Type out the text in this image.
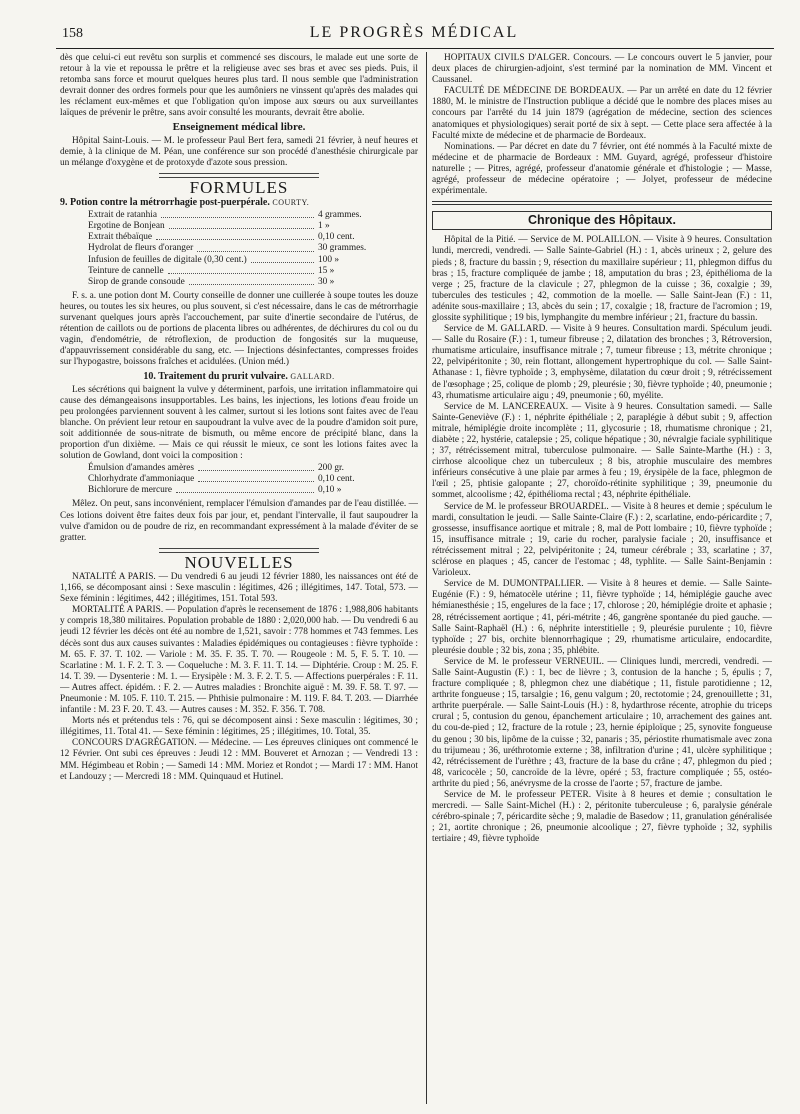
158	LE PROGRÈS MÉDICAL

dès que celui-ci eut revêtu son surplis et commencé ses discours, le malade eut une sorte de retour à la vie et repoussa le prêtre et la religieuse avec ses bras et avec ses pieds. Puis, il retomba sans force et mourut quelques heures plus tard. Il nous semble que l'administration devrait donner des ordres formels pour que les aumôniers ne vinssent qu'après des malades qui les réclament eux-mêmes et que l'obligation qu'on impose aux sœurs ou aux surveillantes laïques de prévenir le prêtre, sans avoir consulté les mourants, devrait être abolie.

Enseignement médical libre.

Hôpital Saint-Louis. — M. le professeur Paul Bert fera, samedi 21 février, à neuf heures et demie, à la clinique de M. Péan, une conférence sur son procédé d'anesthésie chirurgicale par un mélange d'oxygène et de protoxyde d'azote sous pression.

FORMULES
9. Potion contre la métrorrhagie post-puerpérale. COURTY.
Extrait de ratanhia	4 grammes.
Ergotine de Bonjean	1 »
Extrait thébaïque	0,10 cent.
Hydrolat de fleurs d'oranger	30 grammes.
Infusion de feuilles de digitale (0,30 cent.)	100 »
Teinture de cannelle	15 »
Sirop de grande consoude	30 »

F. s. a. une potion dont M. Courty conseille de donner une cuillerée à soupe toutes les douze heures, ou toutes les six heures, ou plus souvent, si c'est nécessaire, dans le cas de métrorrhagie survenant quelques jours après l'accouchement, par suite d'inertie secondaire de l'utérus, de rétention de caillots ou de portions de placenta libres ou adhérentes, de déchirures du col ou du vagin, d'endométrie, de rétroflexion, de production de fongosités sur la muqueuse, d'appauvrissement considérable du sang, etc. — Injections désinfectantes, compresses froides sur l'hypogastre, boissons fraîches et acidulées. (Union méd.)

10. Traitement du prurit vulvaire. GALLARD.

Les sécrétions qui baignent la vulve y déterminent, parfois, une irritation inflammatoire qui cause des démangeaisons insupportables. Les bains, les injections, les lotions d'eau froide un peu prolongées parviennent souvent à les calmer, surtout si les lotions sont faites avec de l'eau blanche. On prévient leur retour en saupoudrant la vulve avec de la poudre d'amidon soit pure, soit additionnée de sous-nitrate de bismuth, ou même encore de précipité blanc, dans la proportion d'un dixième. — Mais ce qui réussit le mieux, ce sont les lotions faites avec la solution de Gowland, dont voici la composition :

Émulsion d'amandes amères	200 gr.
Chlorhydrate d'ammoniaque	0,10 cent.
Bichlorure de mercure	0,10 »

Mêlez. On peut, sans inconvénient, remplacer l'émulsion d'amandes par de l'eau distillée. — Ces lotions doivent être faites deux fois par jour, et, pendant l'intervalle, il faut saupoudrer la vulve d'amidon ou de poudre de riz, en recommandant expressément à la malade d'éviter de se gratter.

NOUVELLES

NATALITÉ A PARIS. — Du vendredi 6 au jeudi 12 février 1880, les naissances ont été de 1,166, se décomposant ainsi : Sexe masculin : légitimes, 426 ; illégitimes, 147. Total, 573. — Sexe féminin : légitimes, 442 ; illégitimes, 151. Total 593.

MORTALITÉ A PARIS. — Population d'après le recensement de 1876 : 1,988,806 habitants y compris 18,380 militaires. Population probable de 1880 : 2,020,000 hab. — Du vendredi 6 au jeudi 12 février les décès ont été au nombre de 1,521, savoir : 778 hommes et 743 femmes. Les décès sont dus aux causes suivantes : Maladies épidémiques ou contagieuses : fièvre typhoïde : M. 65. F. 37. T. 102. — Variole : M. 35. F. 35. T. 70. — Rougeole : M. 5, F. 5. T. 10. — Scarlatine : M. 1. F. 2. T. 3. — Coqueluche : M. 3. F. 11. T. 14. — Diphtérie. Croup : M. 25. F. 14. T. 39. — Dysenterie : M. 1. — Erysipèle : M. 3. F. 2. T. 5. — Affections puerpérales : F. 11. — Autres affect. épidém. : F. 2. — Autres maladies : Bronchite aiguë : M. 39. F. 58. T. 97. — Pneumonie : M. 105. F. 110. T. 215. — Phthisie pulmonaire : M. 119. F. 84. T. 203. — Diarrhée infantile : M. 23 F. 20. T. 43. — Autres causes : M. 352. F. 356. T. 708.

Morts nés et prétendus tels : 76, qui se décomposent ainsi : Sexe masculin : légitimes, 30 ; illégitimes, 11. Total 41. — Sexe féminin : légitimes, 25 ; illégitimes, 10. Total, 35.

CONCOURS D'AGRÉGATION. — Médecine. — Les épreuves cliniques ont commencé le 12 Février. Ont subi ces épreuves : Jeudi 12 : MM. Bouveret et Arnozan ; — Vendredi 13 : MM. Hégimbeau et Robin ; — Samedi 14 : MM. Moriez et Rondot ; — Mardi 17 : MM. Hanot et Landouzy ; — Mercredi 18 : MM. Quinquaud et Hutinel.

HÔPITAUX CIVILS D'ALGER. Concours. — Le concours ouvert le 5 janvier, pour deux places de chirurgien-adjoint, s'est terminé par la nomination de MM. Vincent et Caussanel.

FACULTÉ DE MÉDECINE DE BORDEAUX. — Par un arrêté en date du 12 février 1880, M. le ministre de l'Instruction publique a décidé que le nombre des places mises au concours par l'arrêté du 14 juin 1879 (agrégation de médecine, section des sciences anatomiques et physiologiques) serait porté de six à sept. — Cette place sera affectée à la Faculté mixte de médecine et de pharmacie de Bordeaux.

Nominations. — Par décret en date du 7 février, ont été nommés à la Faculté mixte de médecine et de pharmacie de Bordeaux : MM. Guyard, agrégé, professeur d'histoire naturelle ; — Pitres, agrégé, professeur d'anatomie générale et d'histologie ; — Masse, agrégé, professeur de médecine opératoire ; — Jolyet, professeur de médecine expérimentale.

Chronique des Hôpitaux.

Hôpital de la Pitié. — Service de M. POLAILLON. — Visite à 9 heures. Consultation lundi, mercredi, vendredi. — Salle Sainte-Gabriel (H.) : 1, abcès urineux ; 2, gelure des pieds ; 8, fracture du bassin ; 9, résection du maxillaire supérieur ; 11, phlegmon diffus du bras ; 15, fracture compliquée de jambe ; 18, amputation du bras ; 23, épithélioma de la verge ; 25, fracture de la clavicule ; 27, phlegmon de la cuisse ; 36, coxalgie ; 39, tubercules des testicules ; 42, commotion de la moelle. — Salle Saint-Jean (F.) : 11, adénite sous-maxillaire ; 13, abcès du sein ; 17, coxalgie ; 18, fracture de l'acromion ; 19, glossite syphilitique ; 19 bis, lymphangite du membre inférieur ; 21, fracture du bassin.

Service de M. GALLARD. — Visite à 9 heures. Consultation mardi. Spéculum jeudi. — Salle du Rosaire (F.) : 1, tumeur fibreuse ; 2, dilatation des bronches ; 3, Rétroversion, rhumatisme articulaire, insuffisance mitrale ; 7, tumeur fibreuse ; 13, métrite chronique ; 22, pelvipéritonite ; 30, rein flottant, allongement hypertrophique du col. — Salle Saint-Athanase : 1, fièvre typhoïde ; 3, emphysème, dilatation du cœur droit ; 9, rétrécissement de l'œsophage ; 25, colique de plomb ; 29, pleurésie ; 30, fièvre typhoïde ; 40, pneumonie ; 43, rhumatisme articulaire aigu ; 49, pneumonie ; 60, myélite.

Service de M. LANCEREAUX. — Visite à 9 heures. Consultation samedi. — Salle Sainte-Geneviève (F.) : 1, néphrite épithéliale ; 2, paraplégie à début subit ; 9, affection mitrale, hémiplégie droite incomplète ; 11, glycosurie ; 18, rhumatisme chronique ; 21, diabète ; 22, hystérie, catalepsie ; 25, colique hépatique ; 30, névralgie faciale syphilitique ; 37, rétrécissement mitral, tuberculose pulmonaire. — Salle Sainte-Marthe (H.) : 3, cirrhose alcoolique chez un tuberculeux ; 8 bis, atrophie musculaire des membres inférieurs consécutive à une plaie par armes à feu ; 19, érysipèle de la face, phlegmon de l'œil ; 25, phtisie galopante ; 27, choroïdo-rétinite syphilitique ; 39, pneumonie du sommet, alcoolisme ; 42, épithélioma rectal ; 43, néphrite épithéliale.

Service de M. le professeur BROUARDEL. — Visite à 8 heures et demie ; spéculum le mardi, consultation le jeudi. — Salle Sainte-Claire (F.) : 2, scarlatine, endo-péricardite ; 7, grossesse, insuffisance aortique et mitrale ; 8, mal de Pott lombaire ; 10, fièvre typhoïde ; 15, insuffisance mitrale ; 19, carie du rocher, paralysie faciale ; 20, insuffisance et rétrécissement mitral ; 22, pelvipéritonite ; 24, tumeur cérébrale ; 33, scarlatine ; 37, sclérose en plaques ; 45, cancer de l'estomac ; 48, typhlite. — Salle Saint-Benjamin : Varioleux.

Service de M. DUMONTPALLIER. — Visite à 8 heures et demie. — Salle Sainte-Eugénie (F.) : 9, hématocèle utérine ; 11, fièvre typhoïde ; 14, hémiplégie gauche avec hémianesthésie ; 15, engelures de la face ; 17, chlorose ; 20, hémiplégie droite et aphasie ; 28, rétrécissement aortique ; 41, péri-métrite ; 46, gangrène spontanée du pied gauche. — Salle Saint-Raphaël (H.) : 6, néphrite interstitielle ; 9, pleurésie purulente ; 10, fièvre typhoïde ; 27 bis, orchite blennorrhagique ; 29, rhumatisme articulaire, endocardite, pleurésie double ; 32 bis, zona ; 35, phlébite.

Service de M. le professeur VERNEUIL. — Cliniques lundi, mercredi, vendredi. — Salle Saint-Augustin (F.) : 1, bec de lièvre ; 3, contusion de la hanche ; 5, épulis ; 7, fracture compliquée ; 8, phlegmon chez une diabétique ; 11, fistule parotidienne ; 12, arthrite fongueuse ; 15, tarsalgie ; 16, genu valgum ; 20, rectotomie ; 24, grenouillette ; 31, arthrite puerpérale. — Salle Saint-Louis (H.) : 8, hydarthrose récente, atrophie du triceps crural ; 5, contusion du genou, épanchement articulaire ; 10, arrachement des gaines ant. du cou-de-pied ; 12, fracture de la rotule ; 23, hernie épiploïque ; 25, synovite fongueuse du genou ; 30 bis, lipôme de la cuisse ; 32, panaris ; 35, périostite rhumatismale avec zona du trijumeau ; 36, uréthrotomie externe ; 38, infiltration d'urine ; 41, ulcère syphilitique ; 42, rétrécissement de l'urèthre ; 43, fracture de la base du crâne ; 47, phlegmon du pied ; 48, varicocèle ; 50, cancroïde de la lèvre, opéré ; 53, fracture compliquée ; 55, ostéo-arthrite du pied ; 56, anévrysme de la crosse de l'aorte ; 57, fracture de jambe.

Service de M. le professeur PETER. Visite à 8 heures et demie ; consultation le mercredi. — Salle Saint-Michel (H.) : 2, péritonite tuberculeuse ; 6, paralysie générale cérébro-spinale ; 7, péricardite sèche ; 9, maladie de Basedow ; 11, granulation généralisée ; 21, aortite chronique ; 26, pneumonie alcoolique ; 27, fièvre typhoïde ; 32, syphilis tertiaire ; 49, fièvre typhoïde
